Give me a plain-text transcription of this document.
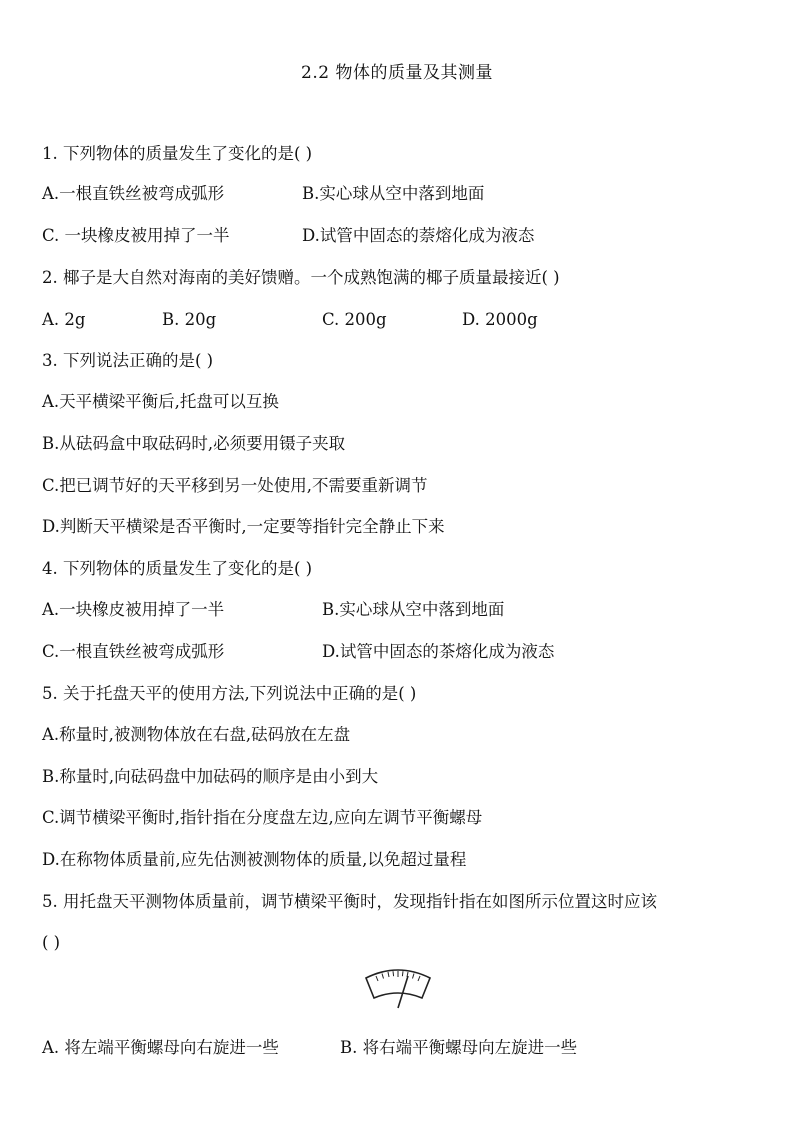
2.2 物体的质量及其测量
1. 下列物体的质量发生了变化的是( )
A.一根直铁丝被弯成弧形	B.实心球从空中落到地面
C. 一块橡皮被用掉了一半	D.试管中固态的萘熔化成为液态
2. 椰子是大自然对海南的美好馈赠。一个成熟饱满的椰子质量最接近( )
A. 2g	B. 20g	C. 200g	D. 2000g
3. 下列说法正确的是( )
A.天平横梁平衡后,托盘可以互换
B.从砝码盒中取砝码时,必须要用镊子夹取
C.把已调节好的天平移到另一处使用,不需要重新调节
D.判断天平横梁是否平衡时,一定要等指针完全静止下来
4. 下列物体的质量发生了变化的是( )
A.一块橡皮被用掉了一半	B.实心球从空中落到地面
C.一根直铁丝被弯成弧形	D.试管中固态的茶熔化成为液态
5. 关于托盘天平的使用方法,下列说法中正确的是( )
A.称量时,被测物体放在右盘,砝码放在左盘
B.称量时,向砝码盘中加砝码的顺序是由小到大
C.调节横梁平衡时,指针指在分度盘左边,应向左调节平衡螺母
D.在称物体质量前,应先估测被测物体的质量,以免超过量程
5. 用托盘天平测物体质量前，调节横梁平衡时，发现指针指在如图所示位置这时应该
( )
A. 将左端平衡螺母向右旋进一些	B. 将右端平衡螺母向左旋进一些
